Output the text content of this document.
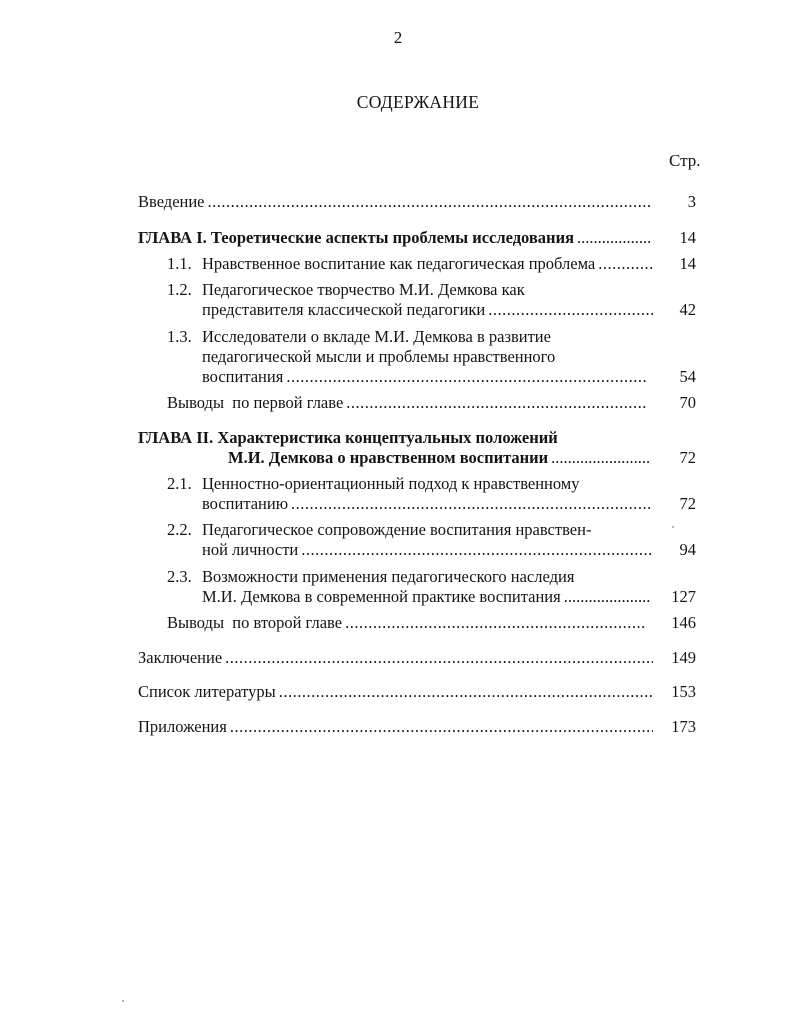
2
СОДЕРЖАНИЕ
Стр.
Введение .....	3
ГЛАВА I. Теоретические аспекты проблемы исследования .....	14
1.1. Нравственное воспитание как педагогическая проблема .....	14
1.2. Педагогическое творчество М.И. Демкова как
представителя классической педагогики .....	42
1.3. Исследователи о вкладе М.И. Демкова в развитие
педагогической мысли и проблемы нравственного
воспитания .....	54
Выводы  по первой главе .....	70
ГЛАВА II. Характеристика концептуальных положений
М.И. Демкова о нравственном воспитании .....	72
2.1. Ценностно-ориентационный подход к нравственному
воспитанию .....	72
2.2. Педагогическое сопровождение воспитания нравствен-
ной личности .....	94
2.3. Возможности применения педагогического наследия
М.И. Демкова в современной практике воспитания .....	127
Выводы  по второй главе .....	146
Заключение .....	149
Список литературы .....	153
Приложения .....	173
